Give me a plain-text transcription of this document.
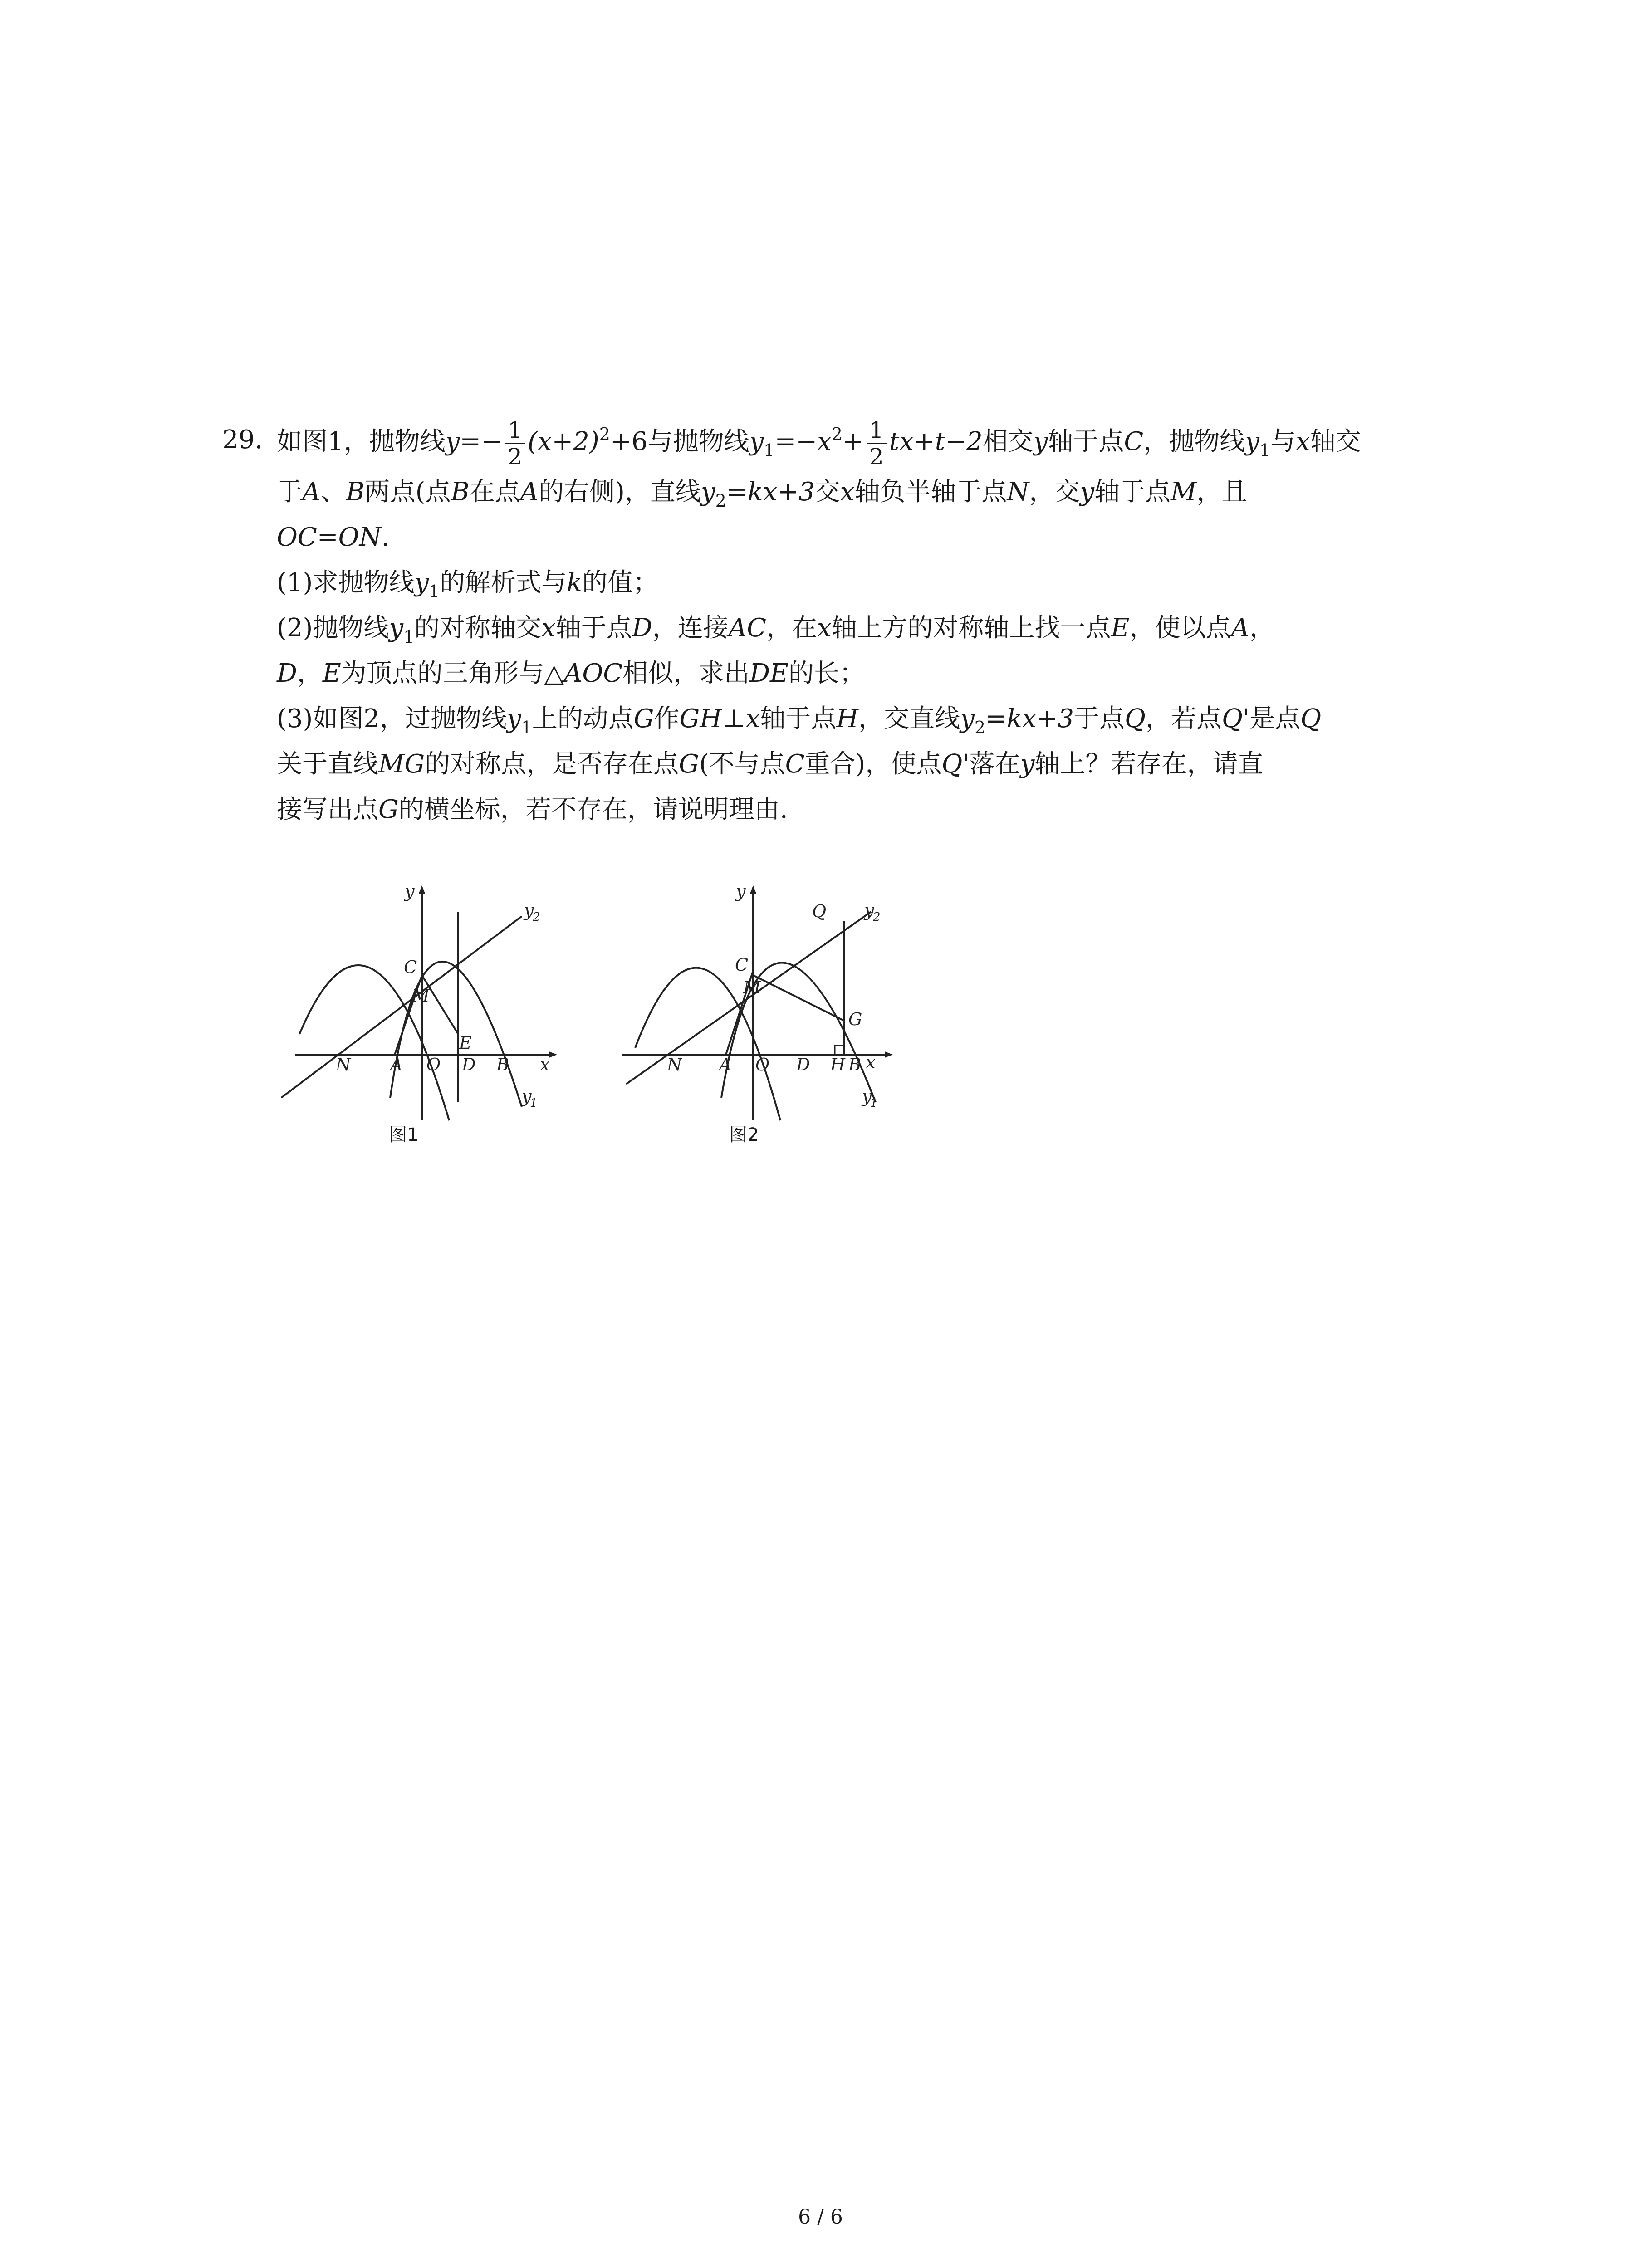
29. 如图1，抛物线$y=- \frac{1}{2} (x+2)^2+6$与抛物线$y_1=-x^2+ \frac{1}{2} tx+t-2$相交y轴于点C，抛物线$y_1$与x轴交

于A、B两点(点B在点A的右侧)，直线$y_2=kx+3$交x轴负半轴于点N，交y轴于点M，且

OC=ON.

(1)求抛物线$y_1$的解析式与k的值；

(2)抛物线$y_1$的对称轴交x轴于点D，连接AC，在x轴上方的对称轴上找一点E，使以点A，

D，E为顶点的三角形与△AOC相似，求出DE的长；

(3)如图2，过抛物线$y_1$上的动点G作GH⊥x轴于点H，交直线$y_2=kx+3$于点Q，若点Q'是点Q

关于直线MG的对称点，是否存在点G(不与点C重合)，使点Q'落在y轴上？若存在，请直

接写出点G的横坐标，若不存在，请说明理由.

y
y
2
C
M
E
N A O D B x
y
1
图1
y
y
2
Q
C
M
G
N A O D H B x
y
1
图2
6 / 6
